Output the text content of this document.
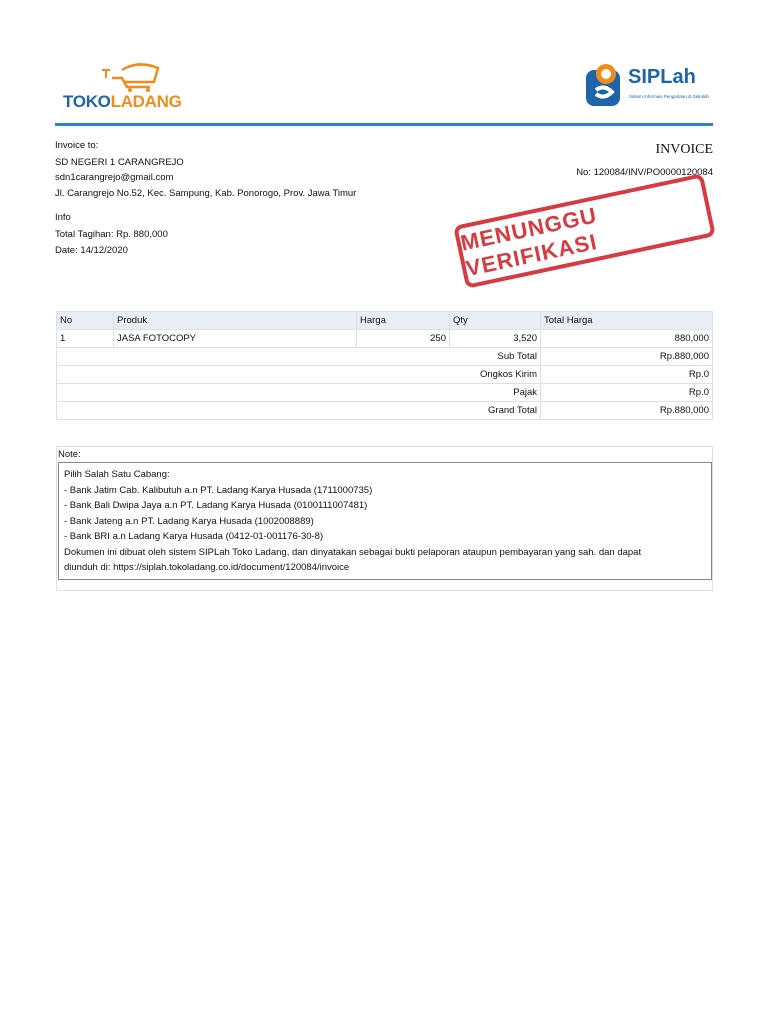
TOKOLADANG
SIPLah
Sistem Informasi Pengadaan di Sekolah
Invoice to:
SD NEGERI 1 CARANGREJO
sdn1carangrejo@gmail.com
Jl. Carangrejo No.52, Kec. Sampung, Kab. Ponorogo, Prov. Jawa Timur
Info
Total Tagihan: Rp. 880,000
Date: 14/12/2020
INVOICE
No: 120084/INV/PO0000120084
MENUNGGU VERIFIKASI
No	Produk	Harga	Qty	Total Harga
1	JASA FOTOCOPY	250	3,520	880,000
Sub Total				Rp.880,000
Ongkos Kirim				Rp.0
Pajak				Rp.0
Grand Total				Rp.880,000
Note:
Pilih Salah Satu Cabang:
- Bank Jatim Cab. Kalibutuh a.n PT. Ladang Karya Husada (1711000735)
- Bank Bali Dwipa Jaya a.n PT. Ladang Karya Husada (0100111007481)
- Bank Jateng a.n PT. Ladang Karya Husada (1002008889)
- Bank BRI a.n Ladang Karya Husada (0412-01-001176-30-8)
Dokumen ini dibuat oleh sistem SIPLah Toko Ladang, dan dinyatakan sebagai bukti pelaporan ataupun pembayaran yang sah. dan dapat
diunduh di: https://siplah.tokoladang.co.id/document/120084/invoice
